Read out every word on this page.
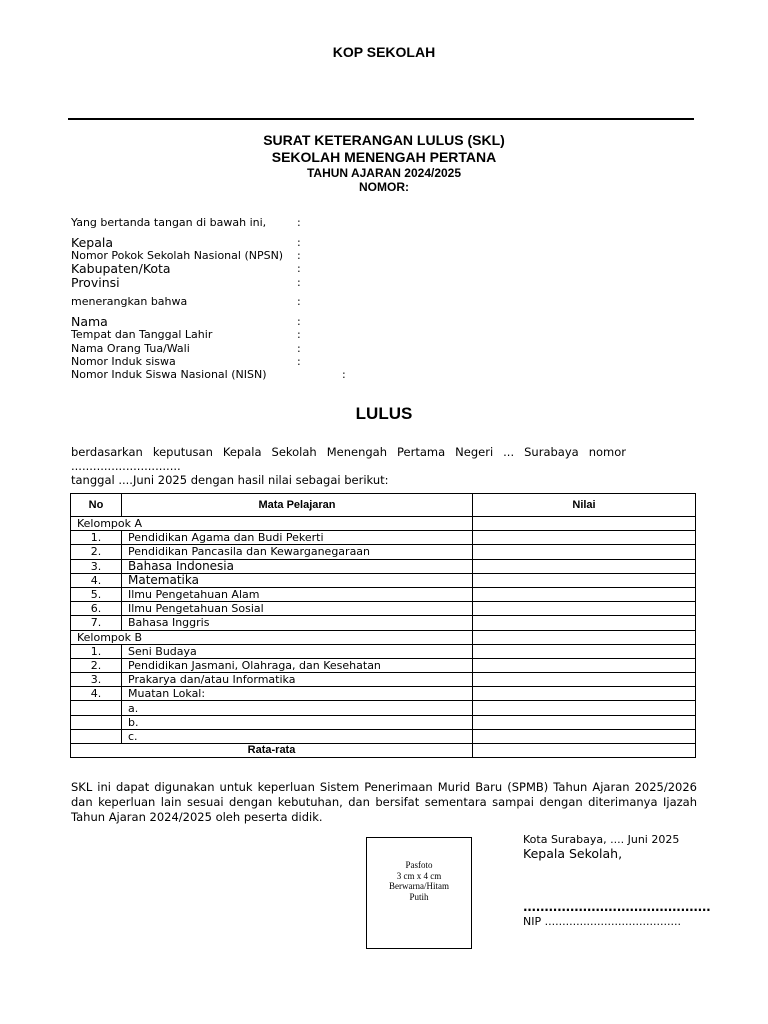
KOP SEKOLAH
SURAT KETERANGAN LULUS (SKL)
SEKOLAH MENENGAH PERTANA
TAHUN AJARAN 2024/2025
NOMOR:
Yang bertanda tangan di bawah ini,	:
Kepala	:
Nomor Pokok Sekolah Nasional (NPSN) :
Kabupaten/Kota	:
Provinsi	:
menerangkan bahwa	:
Nama	:
Tempat dan Tanggal Lahir	:
Nama Orang Tua/Wali	:
Nomor Induk siswa	:
Nomor Induk Siswa Nasional (NISN)	:
LULUS
berdasarkan keputusan Kepala Sekolah Menengah Pertama Negeri ... Surabaya nomor
..............................
tanggal ....Juni 2025 dengan hasil nilai sebagai berikut:
No	Mata Pelajaran	Nilai
Kelompok A		
1.	Pendidikan Agama dan Budi Pekerti	
2.	Pendidikan Pancasila dan Kewarganegaraan	
3.	Bahasa Indonesia	
4.	Matematika	
5.	Ilmu Pengetahuan Alam	
6.	Ilmu Pengetahuan Sosial	
7.	Bahasa Inggris	
Kelompok B		
1.	Seni Budaya	
2.	Pendidikan Jasmani, Olahraga, dan Kesehatan	
3.	Prakarya dan/atau Informatika	
4.	Muatan Lokal:	
	a.	
	b.	
	c.	
Rata-rata		
SKL ini dapat digunakan untuk keperluan Sistem Penerimaan Murid Baru (SPMB) Tahun Ajaran 2025/2026
dan keperluan lain sesuai dengan kebutuhan, dan bersifat sementara sampai dengan diterimanya Ijazah
Tahun Ajaran 2024/2025 oleh peserta didik.
Pasfoto
3 cm x 4 cm
Berwarna/Hitam
Putih
Kota Surabaya, .... Juni 2025
Kepala Sekolah,
............................................
NIP .......................................
